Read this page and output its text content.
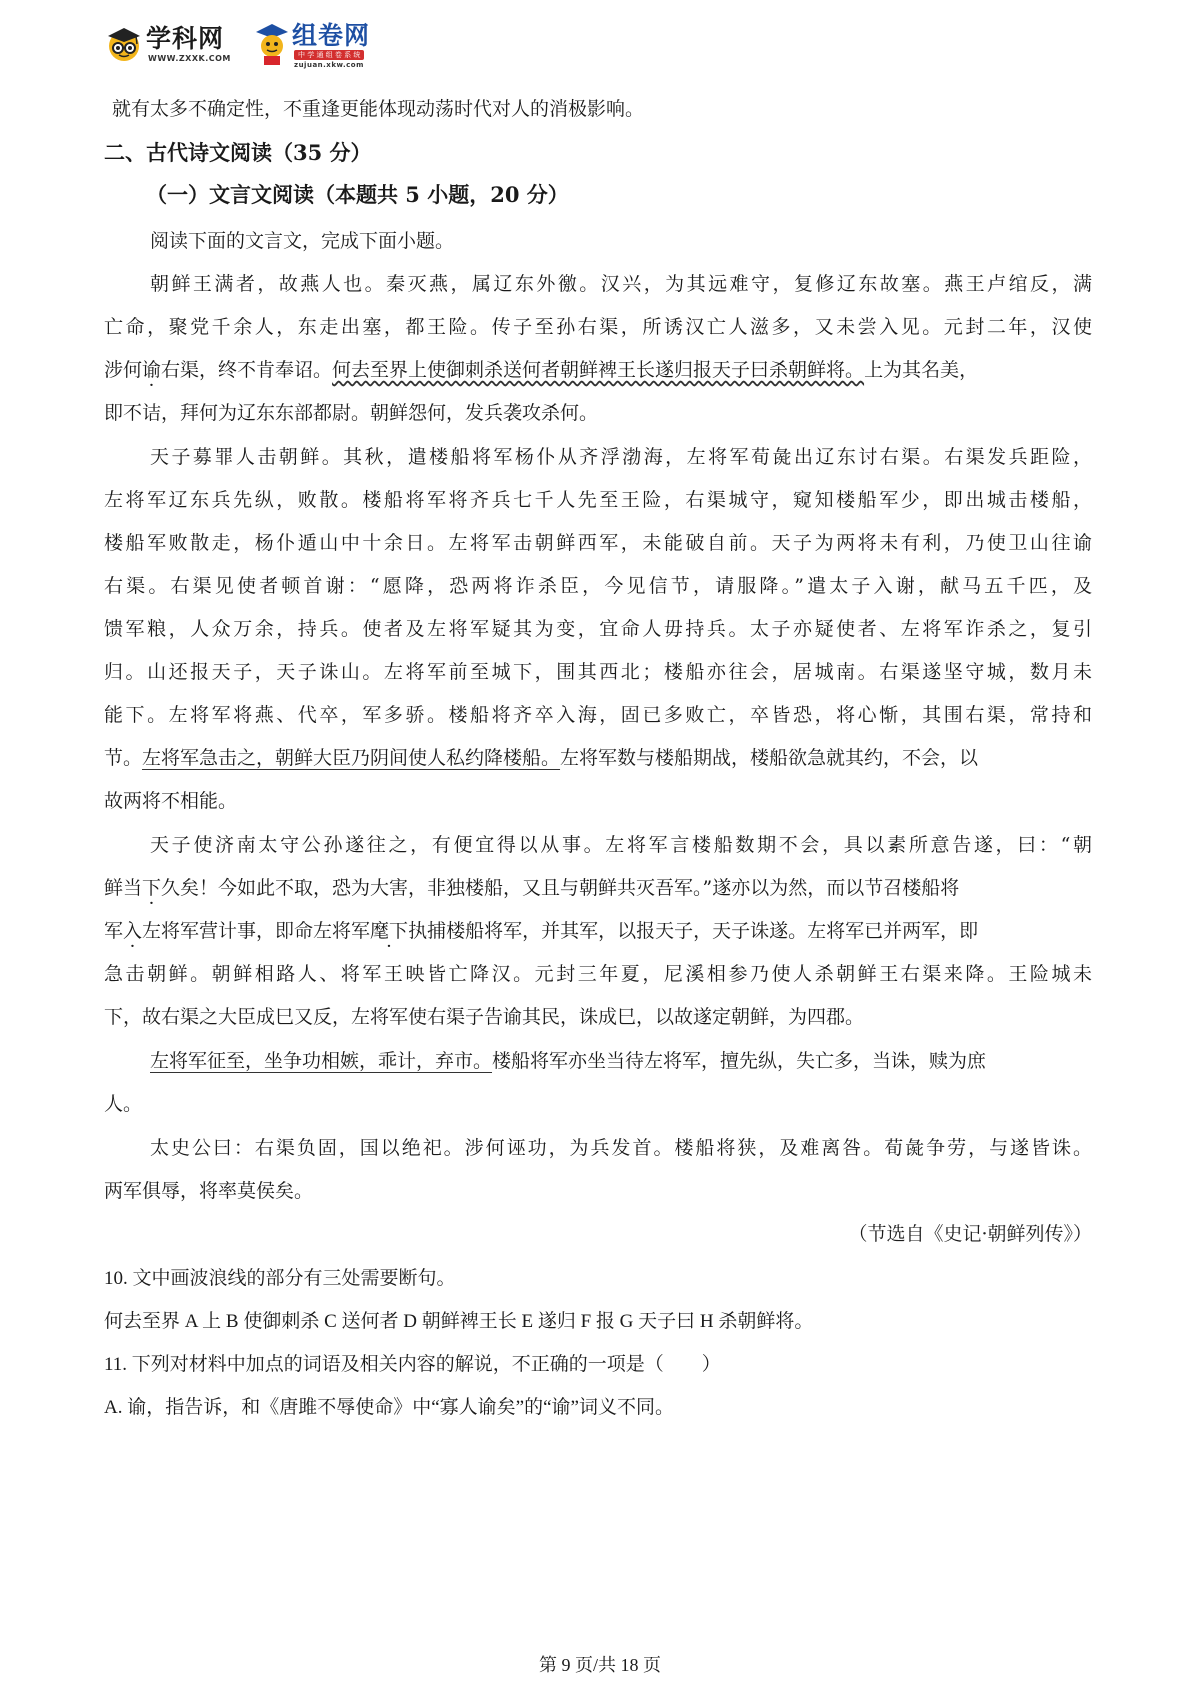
学科网
WWW.ZXXK.COM
组卷网
中 学 通 组 卷 系 统
zujuan.xkw.com
就有太多不确定性，不重逢更能体现动荡时代对人的消极影响。
二、古代诗文阅读（35 分）
（一）文言文阅读（本题共 5 小题，20 分）
阅读下面的文言文，完成下面小题。
朝鲜王满者，故燕人也。秦灭燕，属辽东外徼。汉兴，为其远难守，复修辽东故塞。燕王卢绾反，满
亡命，聚党千余人，东走出塞，都王险。传子至孙右渠，所诱汉亡人滋多，又未尝入见。元封二年，汉使
涉何谕右渠，终不肯奉诏。何去至界上使御刺杀送何者朝鲜裨王长遂归报天子曰杀朝鲜将。上为其名美，
即不诘，拜何为辽东东部都尉。朝鲜怨何，发兵袭攻杀何。
天子募罪人击朝鲜。其秋，遣楼船将军杨仆从齐浮渤海，左将军荀彘出辽东讨右渠。右渠发兵距险，
左将军辽东兵先纵，败散。楼船将军将齐兵七千人先至王险，右渠城守，窥知楼船军少，即出城击楼船，
楼船军败散走，杨仆遁山中十余日。左将军击朝鲜西军，未能破自前。天子为两将未有利，乃使卫山往谕
右渠。右渠见使者顿首谢：“愿降，恐两将诈杀臣，今见信节，请服降。”遣太子入谢，献马五千匹，及
馈军粮，人众万余，持兵。使者及左将军疑其为变，宜命人毋持兵。太子亦疑使者、左将军诈杀之，复引
归。山还报天子，天子诛山。左将军前至城下，围其西北；楼船亦往会，居城南。右渠遂坚守城，数月未
能下。左将军将燕、代卒，军多骄。楼船将齐卒入海，固已多败亡，卒皆恐，将心惭，其围右渠，常持和
节。左将军急击之，朝鲜大臣乃阴间使人私约降楼船。左将军数与楼船期战，楼船欲急就其约，不会，以
故两将不相能。
天子使济南太守公孙遂往之，有便宜得以从事。左将军言楼船数期不会，具以素所意告遂，曰：“朝
鲜当下久矣！今如此不取，恐为大害，非独楼船，又且与朝鲜共灭吾军。”遂亦以为然，而以节召楼船将
军入左将军营计事，即命左将军麾下执捕楼船将军，并其军，以报天子，天子诛遂。左将军已并两军，即
急击朝鲜。朝鲜相路人、将军王映皆亡降汉。元封三年夏，尼溪相参乃使人杀朝鲜王右渠来降。王险城未
下，故右渠之大臣成巳又反，左将军使右渠子告谕其民，诛成巳，以故遂定朝鲜，为四郡。
左将军征至，坐争功相嫉，乖计，弃市。楼船将军亦坐当待左将军，擅先纵，失亡多，当诛，赎为庶
人。
太史公曰：右渠负固，国以绝祀。涉何诬功，为兵发首。楼船将狭，及难离咎。荀彘争劳，与遂皆诛。
两军俱辱，将率莫侯矣。
（节选自《史记·朝鲜列传》）
10. 文中画波浪线的部分有三处需要断句。
何去至界 A 上 B 使御刺杀 C 送何者 D 朝鲜裨王长 E 遂归 F 报 G 天子曰 H 杀朝鲜将。
11. 下列对材料中加点的词语及相关内容的解说，不正确的一项是（　　）
A. 谕，指告诉，和《唐雎不辱使命》中“寡人谕矣”的“谕”词义不同。
第 9 页/共 18 页
